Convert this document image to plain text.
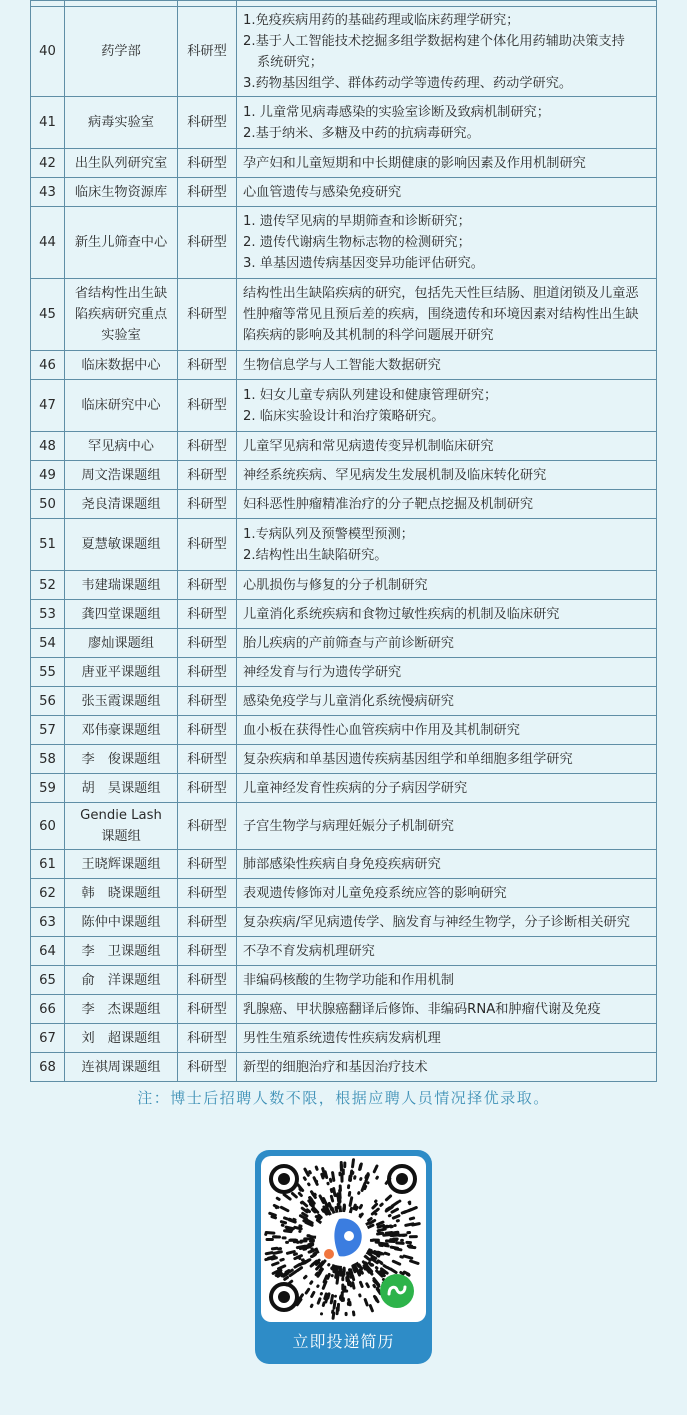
40	药学部	科研型	1.免疫疾病用药的基础药理或临床药理学研究；
2.基于人工智能技术挖掘多组学数据构建个体化用药辅助决策支持
系统研究；
3.药物基因组学、群体药动学等遗传药理、药动学研究。

41	病毒实验室	科研型	1. 儿童常见病毒感染的实验室诊断及致病机制研究；
2.基于纳米、多糖及中药的抗病毒研究。

42	出生队列研究室	科研型	孕产妇和儿童短期和中长期健康的影响因素及作用机制研究

43	临床生物资源库	科研型	心血管遗传与感染免疫研究

44	新生儿筛查中心	科研型	1. 遗传罕见病的早期筛查和诊断研究；
2. 遗传代谢病生物标志物的检测研究；
3. 单基因遗传病基因变异功能评估研究。

45	省结构性出生缺
陷疾病研究重点
实验室	科研型	结构性出生缺陷疾病的研究，包括先天性巨结肠、胆道闭锁及儿童恶
性肿瘤等常见且预后差的疾病，围绕遗传和环境因素对结构性出生缺
陷疾病的影响及其机制的科学问题展开研究

46	临床数据中心	科研型	生物信息学与人工智能大数据研究

47	临床研究中心	科研型	1. 妇女儿童专病队列建设和健康管理研究；
2. 临床实验设计和治疗策略研究。

48	罕见病中心	科研型	儿童罕见病和常见病遗传变异机制临床研究

49	周文浩课题组	科研型	神经系统疾病、罕见病发生发展机制及临床转化研究

50	尧良清课题组	科研型	妇科恶性肿瘤精准治疗的分子靶点挖掘及机制研究

51	夏慧敏课题组	科研型	1.专病队列及预警模型预测；
2.结构性出生缺陷研究。

52	韦建瑞课题组	科研型	心肌损伤与修复的分子机制研究

53	龚四堂课题组	科研型	儿童消化系统疾病和食物过敏性疾病的机制及临床研究

54	廖灿课题组	科研型	胎儿疾病的产前筛查与产前诊断研究

55	唐亚平课题组	科研型	神经发育与行为遗传学研究

56	张玉霞课题组	科研型	感染免疫学与儿童消化系统慢病研究

57	邓伟豪课题组	科研型	血小板在获得性心血管疾病中作用及其机制研究

58	李　俊课题组	科研型	复杂疾病和单基因遗传疾病基因组学和单细胞多组学研究

59	胡　昊课题组	科研型	儿童神经发育性疾病的分子病因学研究

60	Gendie Lash
课题组	科研型	子宫生物学与病理妊娠分子机制研究

61	王晓辉课题组	科研型	肺部感染性疾病自身免疫疾病研究

62	韩　晓课题组	科研型	表观遗传修饰对儿童免疫系统应答的影响研究

63	陈仲中课题组	科研型	复杂疾病/罕见病遗传学、脑发育与神经生物学，分子诊断相关研究

64	李　卫课题组	科研型	不孕不育发病机理研究

65	俞　洋课题组	科研型	非编码核酸的生物学功能和作用机制

66	李　杰课题组	科研型	乳腺癌、甲状腺癌翻译后修饰、非编码RNA和肿瘤代谢及免疫

67	刘　超课题组	科研型	男性生殖系统遗传性疾病发病机理

68	连祺周课题组	科研型	新型的细胞治疗和基因治疗技术
注：博士后招聘人数不限，根据应聘人员情况择优录取。
立即投递简历
